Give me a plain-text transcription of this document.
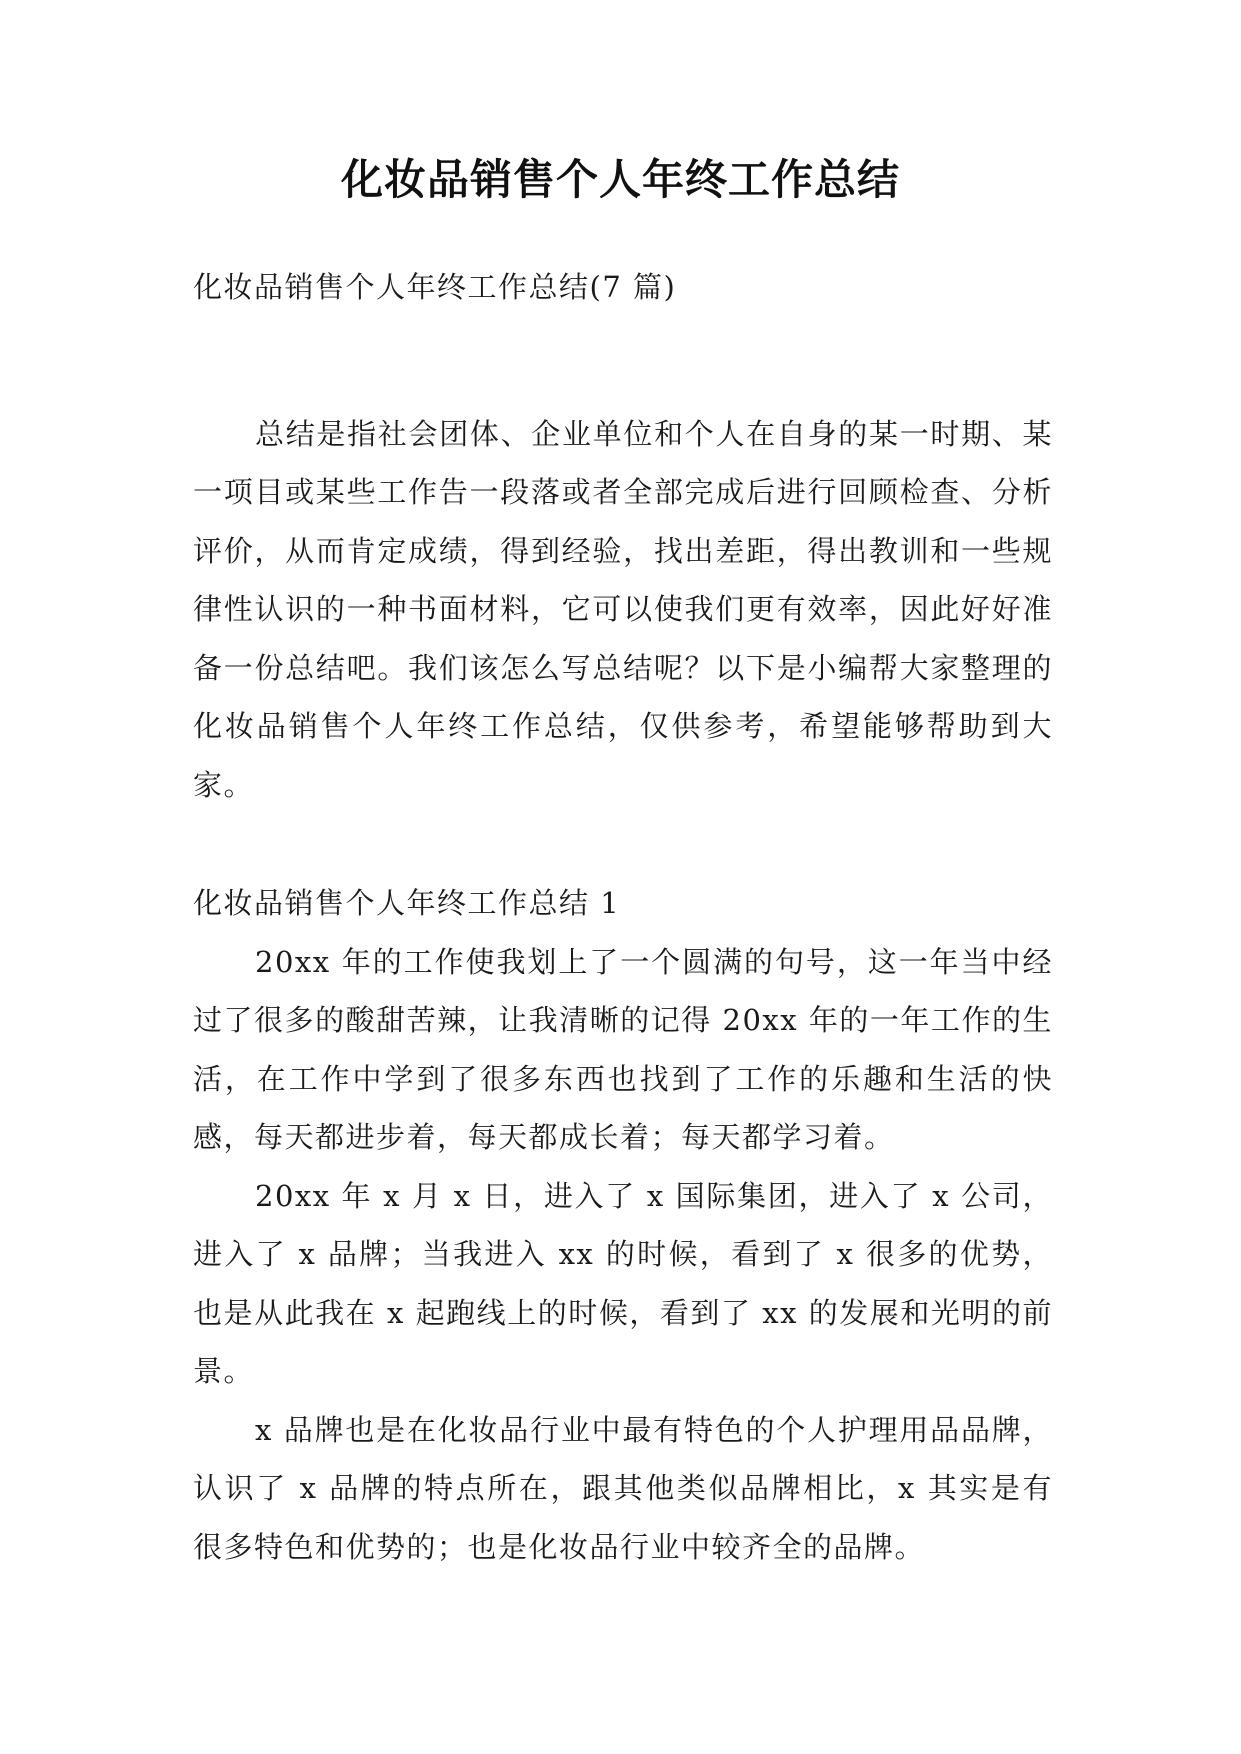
化妆品销售个人年终工作总结

化妆品销售个人年终工作总结(7 篇)

总结是指社会团体、企业单位和个人在自身的某一时期、某一项目或某些工作告一段落或者全部完成后进行回顾检查、分析评价，从而肯定成绩，得到经验，找出差距，得出教训和一些规律性认识的一种书面材料，它可以使我们更有效率，因此好好准备一份总结吧。我们该怎么写总结呢？以下是小编帮大家整理的化妆品销售个人年终工作总结，仅供参考，希望能够帮助到大家。

化妆品销售个人年终工作总结 1

20xx 年的工作使我划上了一个圆满的句号，这一年当中经过了很多的酸甜苦辣，让我清晰的记得 20xx 年的一年工作的生活，在工作中学到了很多东西也找到了工作的乐趣和生活的快感，每天都进步着，每天都成长着；每天都学习着。

20xx 年 x 月 x 日，进入了 x 国际集团，进入了 x 公司，进入了 x 品牌；当我进入 xx 的时候，看到了 x 很多的优势，也是从此我在 x 起跑线上的时候，看到了 xx 的发展和光明的前景。

x 品牌也是在化妆品行业中最有特色的个人护理用品品牌，认识了 x 品牌的特点所在，跟其他类似品牌相比，x 其实是有很多特色和优势的；也是化妆品行业中较齐全的品牌。
